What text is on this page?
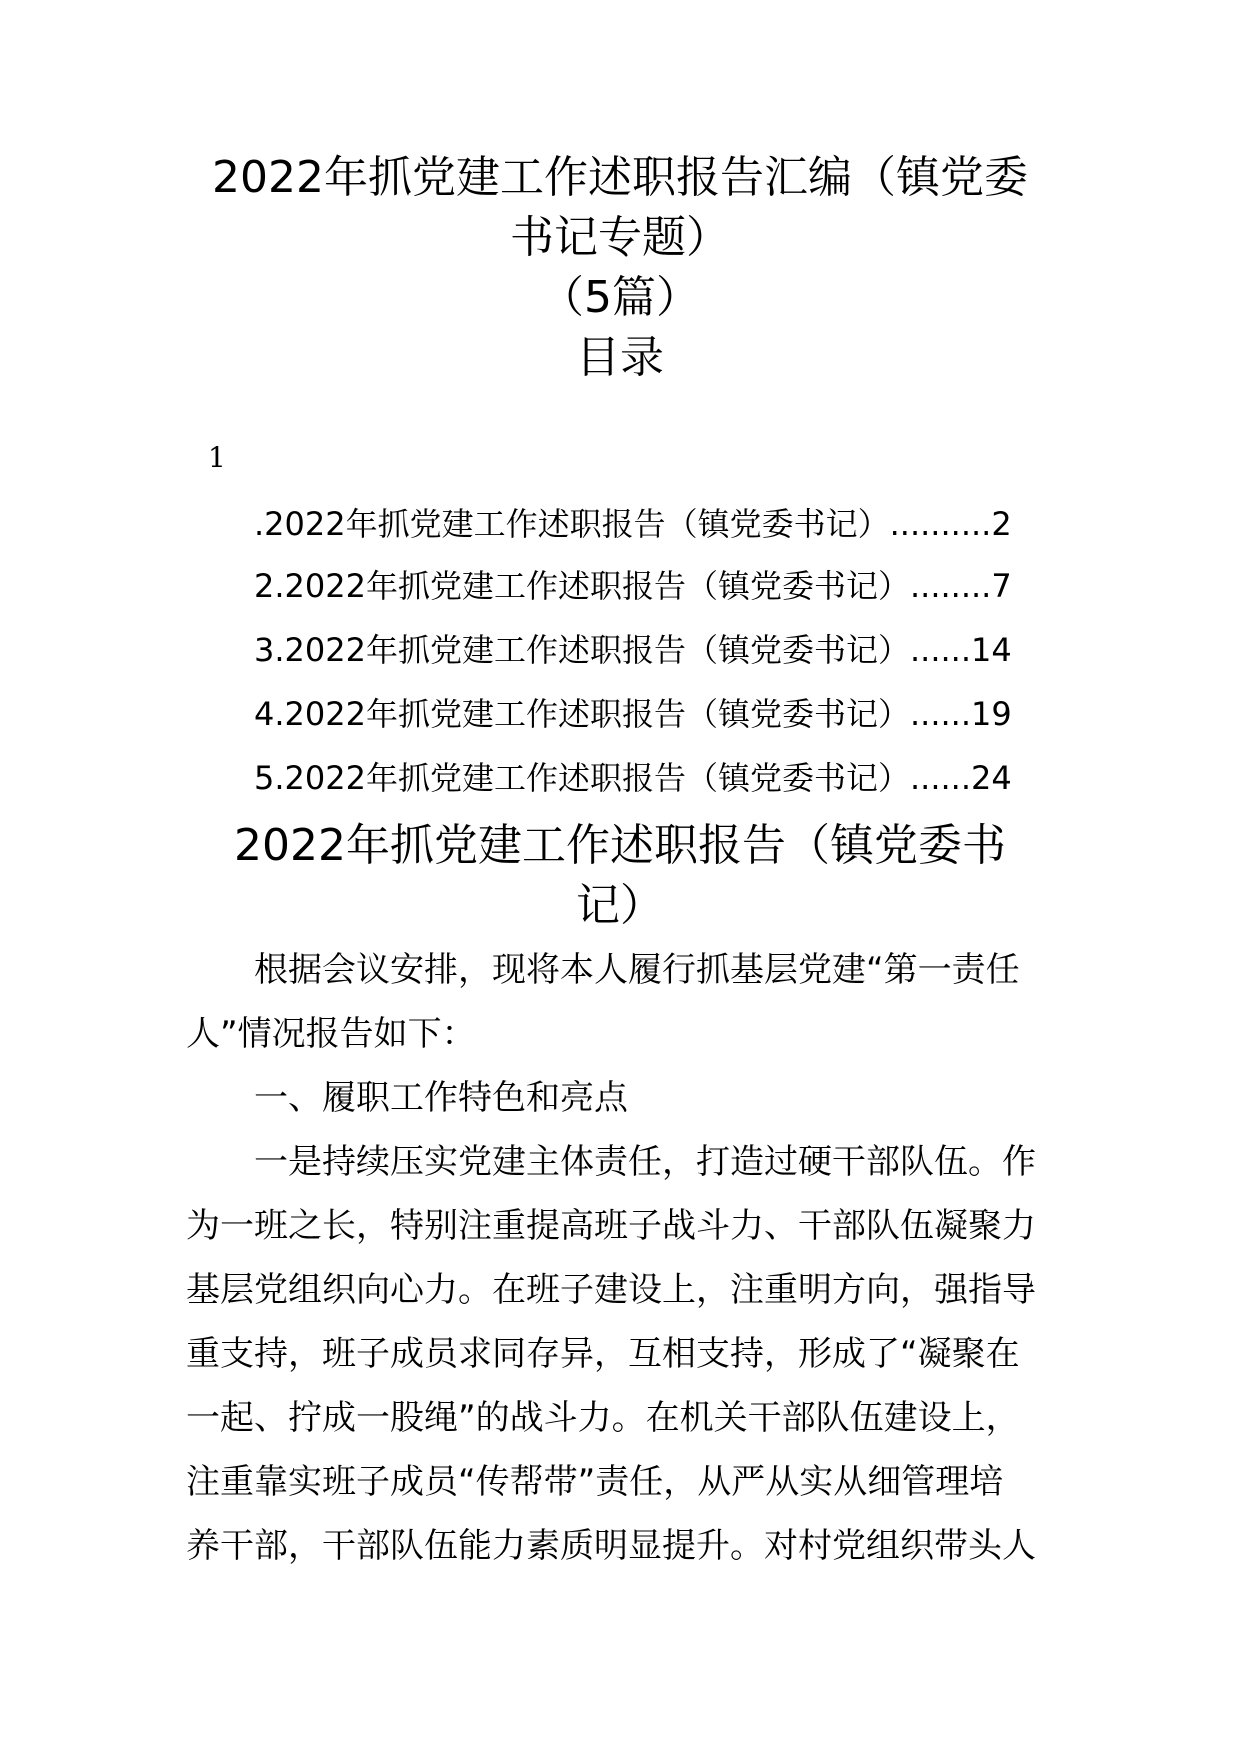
2022年抓党建工作述职报告汇编（镇党委
书记专题）
（5篇）
目录
1
.2022年抓党建工作述职报告（镇党委书记）..........2
2.2022年抓党建工作述职报告（镇党委书记）........7
3.2022年抓党建工作述职报告（镇党委书记）......14
4.2022年抓党建工作述职报告（镇党委书记）......19
5.2022年抓党建工作述职报告（镇党委书记）......24
2022年抓党建工作述职报告（镇党委书
记）
根据会议安排，现将本人履行抓基层党建“第一责任
人”情况报告如下：
一、履职工作特色和亮点
一是持续压实党建主体责任，打造过硬干部队伍。作
为一班之长，特别注重提高班子战斗力、干部队伍凝聚力
基层党组织向心力。在班子建设上，注重明方向，强指导
重支持，班子成员求同存异，互相支持，形成了“凝聚在
一起、拧成一股绳”的战斗力。在机关干部队伍建设上，
注重靠实班子成员“传帮带”责任，从严从实从细管理培
养干部，干部队伍能力素质明显提升。对村党组织带头人
